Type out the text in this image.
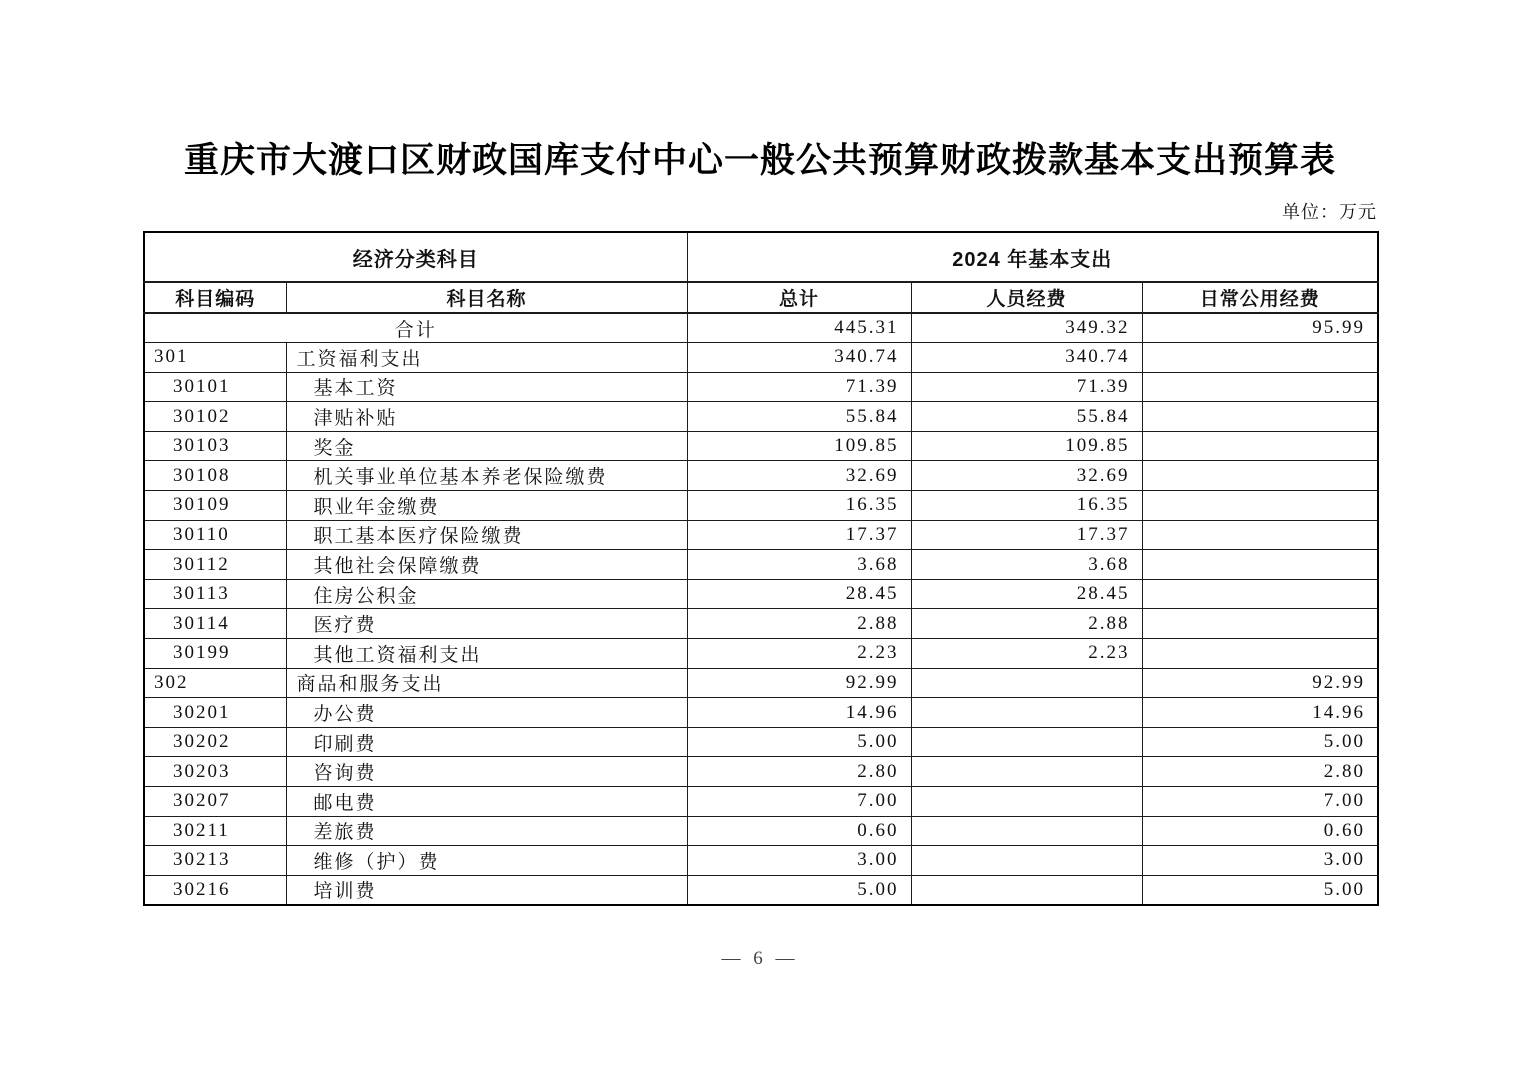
重庆市大渡口区财政国库支付中心一般公共预算财政拨款基本支出预算表
单位：万元
经济分类科目		2024 年基本支出		
科目编码	科目名称	总计	人员经费	日常公用经费
合计		445.31	349.32	95.99
301	工资福利支出	340.74	340.74	
30101	基本工资	71.39	71.39	
30102	津贴补贴	55.84	55.84	
30103	奖金	109.85	109.85	
30108	机关事业单位基本养老保险缴费	32.69	32.69	
30109	职业年金缴费	16.35	16.35	
30110	职工基本医疗保险缴费	17.37	17.37	
30112	其他社会保障缴费	3.68	3.68	
30113	住房公积金	28.45	28.45	
30114	医疗费	2.88	2.88	
30199	其他工资福利支出	2.23	2.23	
302	商品和服务支出	92.99		92.99
30201	办公费	14.96		14.96
30202	印刷费	5.00		5.00
30203	咨询费	2.80		2.80
30207	邮电费	7.00		7.00
30211	差旅费	0.60		0.60
30213	维修（护）费	3.00		3.00
30216	培训费	5.00		5.00
— 6 —
